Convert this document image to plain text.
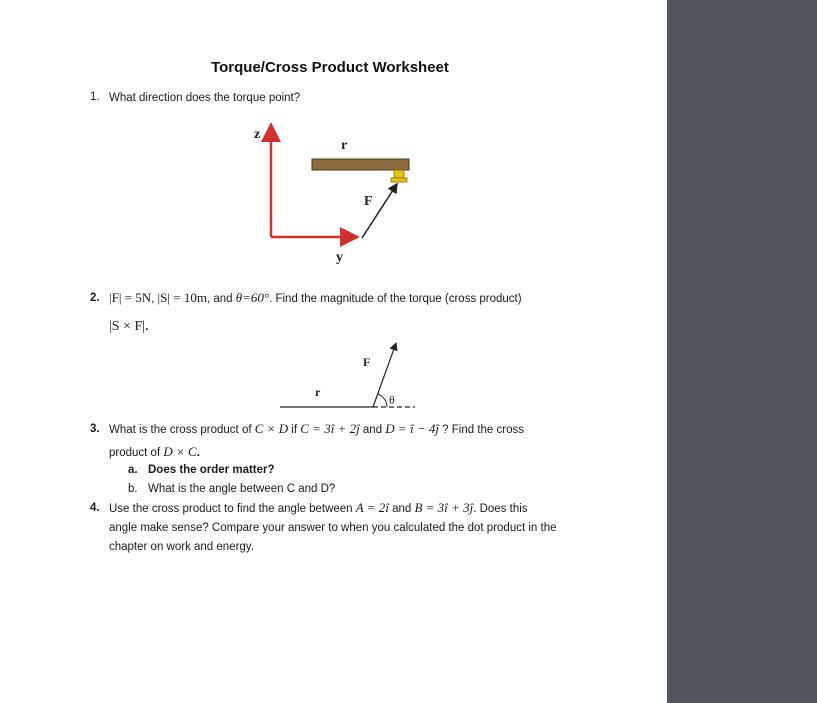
Torque/Cross Product Worksheet
1. What direction does the torque point?
z
r
F
y
2. |F| = 5N, |S| = 10m, and θ=60°. Find the magnitude of the torque (cross product)
|S × F|.
F
r
θ
3. What is the cross product of C × D if C = 3î + 2ĵ and D = î − 4ĵ ? Find the cross
product of D × C.
a. Does the order matter?
b. What is the angle between C and D?
4. Use the cross product to find the angle between A = 2î and B = 3î + 3ĵ. Does this
angle make sense? Compare your answer to when you calculated the dot product in the
chapter on work and energy.
